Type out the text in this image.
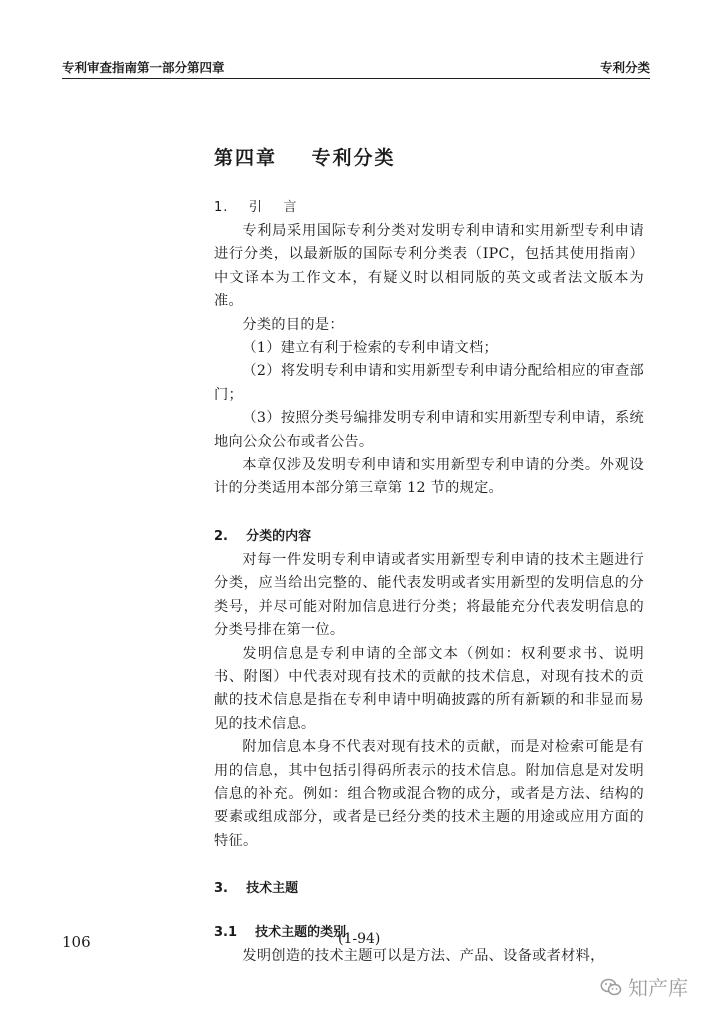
专利审查指南第一部分第四章	专利分类
第四章    专利分类
1.    引    言

专利局采用国际专利分类对发明专利申请和实用新型专利申请进行分类，以最新版的国际专利分类表（IPC，包括其使用指南）中文译本为工作文本，有疑义时以相同版的英文或者法文版本为准。

分类的目的是：

（1）建立有利于检索的专利申请文档；

（2）将发明专利申请和实用新型专利申请分配给相应的审查部门；

（3）按照分类号编排发明专利申请和实用新型专利申请，系统地向公众公布或者公告。

本章仅涉及发明专利申请和实用新型专利申请的分类。外观设计的分类适用本部分第三章第 12 节的规定。

2.    分类的内容

对每一件发明专利申请或者实用新型专利申请的技术主题进行分类，应当给出完整的、能代表发明或者实用新型的发明信息的分类号，并尽可能对附加信息进行分类；将最能充分代表发明信息的分类号排在第一位。

发明信息是专利申请的全部文本（例如：权利要求书、说明书、附图）中代表对现有技术的贡献的技术信息，对现有技术的贡献的技术信息是指在专利申请中明确披露的所有新颖的和非显而易见的技术信息。

附加信息本身不代表对现有技术的贡献，而是对检索可能是有用的信息，其中包括引得码所表示的技术信息。附加信息是对发明信息的补充。例如：组合物或混合物的成分，或者是方法、结构的要素或组成部分，或者是已经分类的技术主题的用途或应用方面的特征。

3.    技术主题
3.1    技术主题的类别

发明创造的技术主题可以是方法、产品、设备或者材料，

106	(1-94)
知产库
